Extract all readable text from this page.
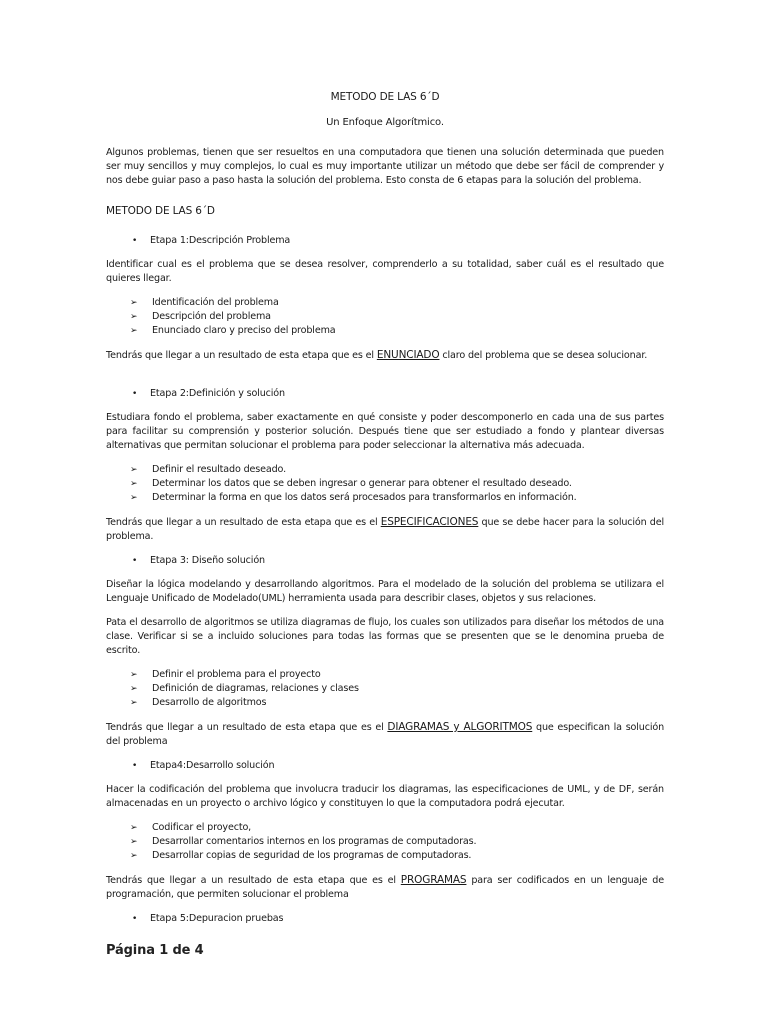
METODO DE LAS 6´D

Un Enfoque Algorítmico.

Algunos problemas, tienen que ser resueltos en una computadora que tienen una solución determinada que pueden ser muy sencillos y muy complejos, lo cual es muy importante utilizar un método que debe ser fácil de comprender y nos debe guiar paso a paso hasta la solución del problema. Esto consta de 6 etapas para la solución del problema.

METODO DE LAS 6´D

•	Etapa 1:Descripción Problema

Identificar cual es el problema que se desea resolver, comprenderlo a su totalidad, saber cuál es el resultado que quieres llegar.

➢	Identificación del problema
➢	Descripción del problema
➢	Enunciado claro y preciso del problema

Tendrás que llegar a un resultado de esta etapa que es el ENUNCIADO claro del problema que se desea solucionar.

•	Etapa 2:Definición y solución

Estudiara fondo el problema, saber exactamente en qué consiste y poder descomponerlo en cada una de sus partes para facilitar su comprensión y posterior solución. Después tiene que ser estudiado a fondo y plantear diversas alternativas que permitan solucionar el problema para poder seleccionar la alternativa más adecuada.

➢	Definir el resultado deseado.
➢	Determinar los datos que se deben ingresar o generar para obtener el resultado deseado.
➢	Determinar la forma en que los datos será procesados para transformarlos en información.

Tendrás que llegar a un resultado de esta etapa que es el ESPECIFICACIONES que se debe hacer para la solución del problema.

•	Etapa 3: Diseño solución

Diseñar la lógica modelando y desarrollando algoritmos. Para el modelado de la solución del problema se utilizara el Lenguaje Unificado de Modelado(UML) herramienta usada para describir clases, objetos y sus relaciones.

Pata el desarrollo de algoritmos se utiliza diagramas de flujo, los cuales son utilizados para diseñar los métodos de una clase. Verificar si se a incluido soluciones para todas las formas que se presenten que se le denomina prueba de escrito.

➢	Definir el problema para el proyecto
➢	Definición de diagramas, relaciones y clases
➢	Desarrollo de algoritmos

Tendrás que llegar a un resultado de esta etapa que es el DIAGRAMAS y ALGORITMOS que especifican la solución del problema

•	Etapa4:Desarrollo solución

Hacer la codificación del problema que involucra traducir los diagramas, las especificaciones de UML, y de DF, serán almacenadas en un proyecto o archivo lógico y constituyen lo que la computadora podrá ejecutar.

➢	Codificar el proyecto,
➢	Desarrollar comentarios internos en los programas de computadoras.
➢	Desarrollar copias de seguridad de los programas de computadoras.

Tendrás que llegar a un resultado de esta etapa que es el PROGRAMAS para ser codificados en un lenguaje de programación, que permiten solucionar el problema

•	Etapa 5:Depuracion pruebas
Página 1 de 4
